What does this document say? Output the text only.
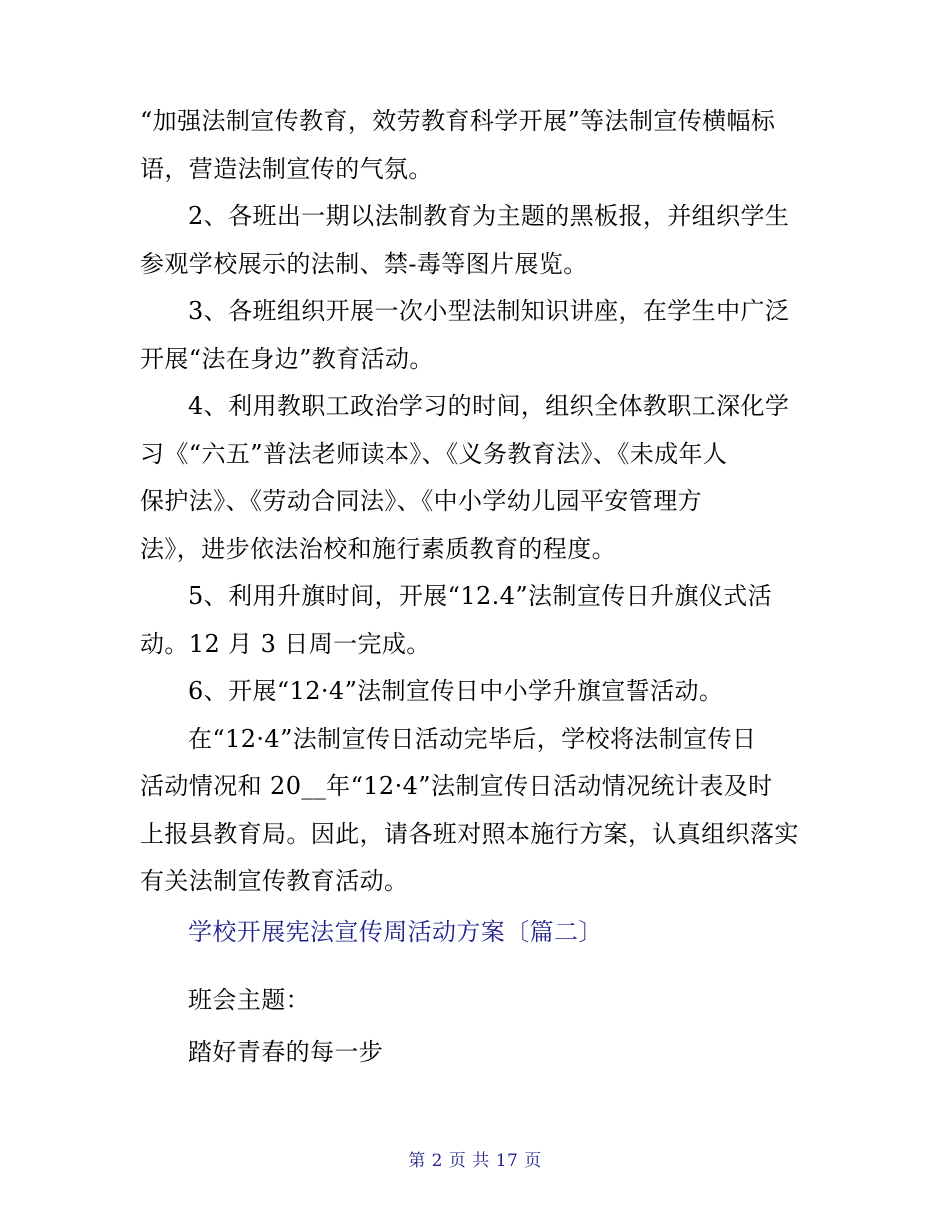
“加强法制宣传教育，效劳教育科学开展”等法制宣传横幅标
语，营造法制宣传的气氛。
2、各班出一期以法制教育为主题的黑板报，并组织学生
参观学校展示的法制、禁-毒等图片展览。
3、各班组织开展一次小型法制知识讲座，在学生中广泛
开展“法在身边”教育活动。
4、利用教职工政治学习的时间，组织全体教职工深化学
习《“六五”普法老师读本》、《义务教育法》、《未成年人
保护法》、《劳动合同法》、《中小学幼儿园平安管理方
法》，进步依法治校和施行素质教育的程度。
5、利用升旗时间，开展“12.4”法制宣传日升旗仪式活
动。12 月 3 日周一完成。
6、开展“12·4”法制宣传日中小学升旗宣誓活动。
在“12·4”法制宣传日活动完毕后，学校将法制宣传日
活动情况和 20__年“12·4”法制宣传日活动情况统计表及时
上报县教育局。因此，请各班对照本施行方案，认真组织落实
有关法制宣传教育活动。
学校开展宪法宣传周活动方案〔篇二〕
班会主题：
踏好青春的每一步
第 2 页 共 17 页
